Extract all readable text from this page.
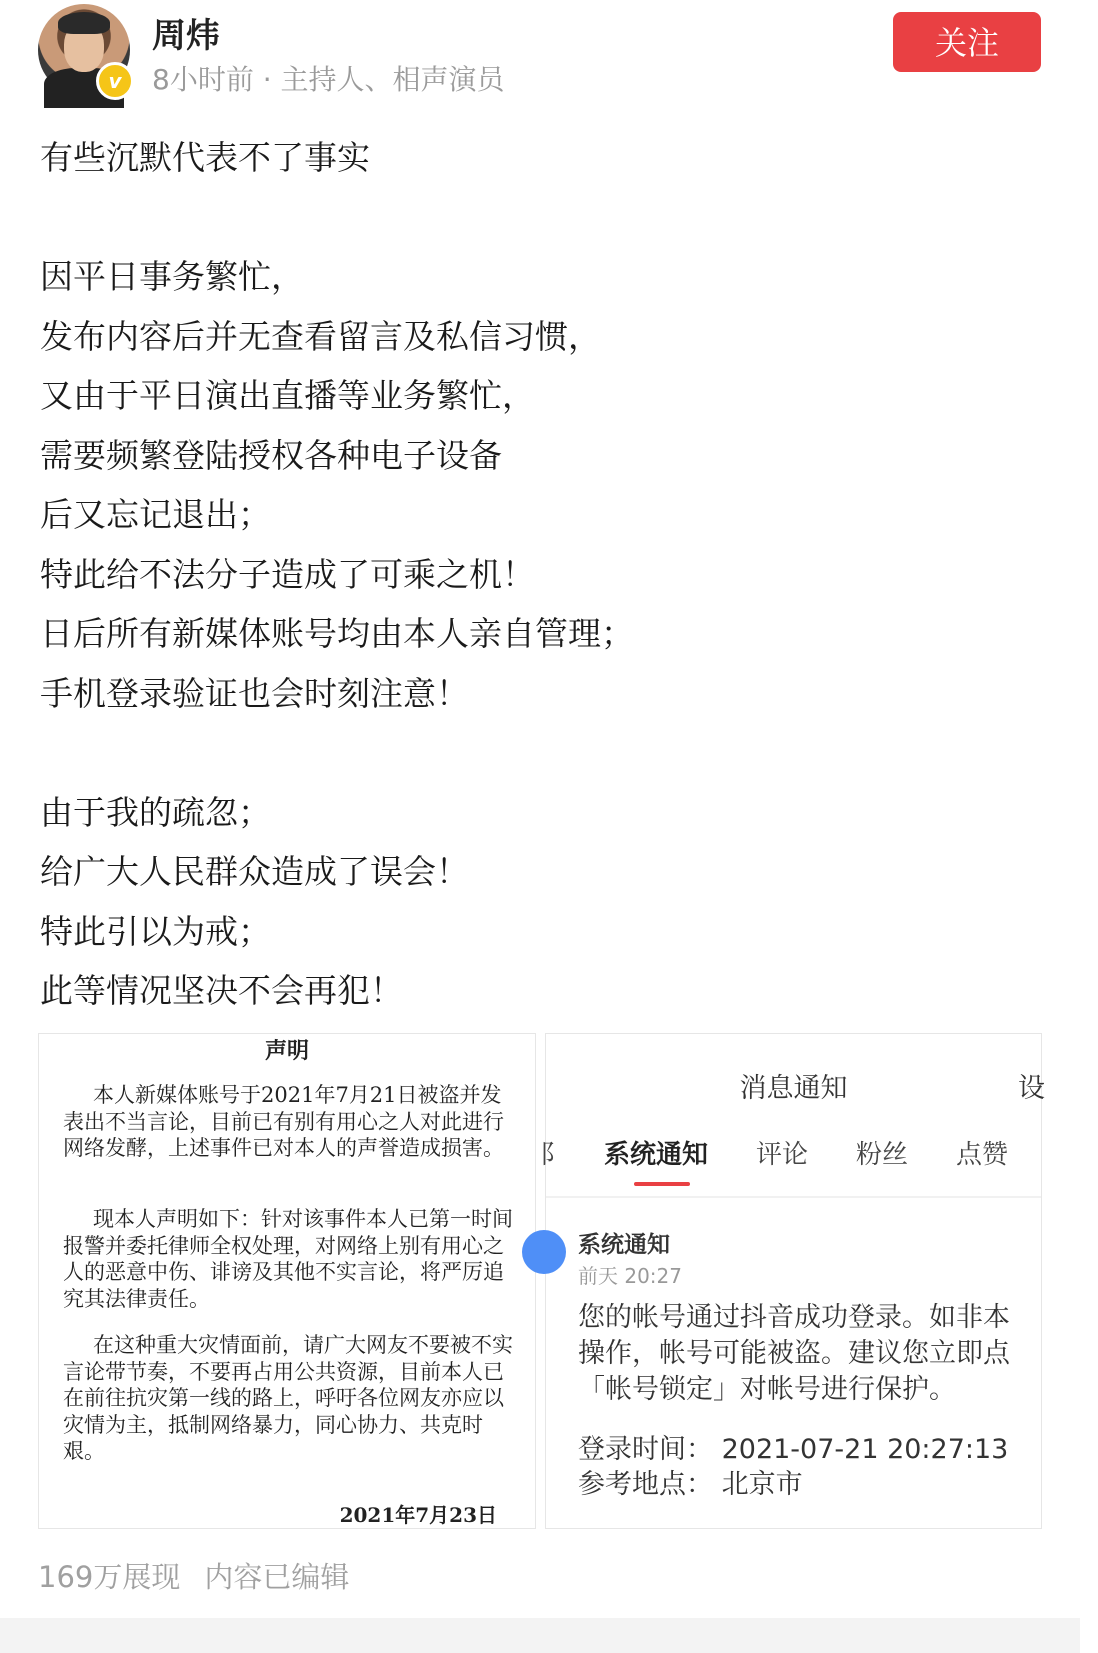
v
周炜
8小时前 · 主持人、相声演员
关注

有些沉默代表不了事实

因平日事务繁忙，

发布内容后并无查看留言及私信习惯，

又由于平日演出直播等业务繁忙，

需要频繁登陆授权各种电子设备

后又忘记退出；

特此给不法分子造成了可乘之机！

日后所有新媒体账号均由本人亲自管理；

手机登录验证也会时刻注意！

由于我的疏忽；

给广大人民群众造成了误会！

特此引以为戒；

此等情况坚决不会再犯！

声明
2021年7月23日
本人新媒体账号于2021年7月21日被盗并发表出不当言论，目前已有别有用心之人对此进行网络发酵，上述事件已对本人的声誉造成损害。
现本人声明如下：针对该事件本人已第一时间报警并委托律师全权处理，对网络上别有用心之人的恶意中伤、诽谤及其他不实言论，将严厉追究其法律责任。
在这种重大灾情面前，请广大网友不要被不实言论带节奏，不要再占用公共资源，目前本人已在前往抗灾第一线的路上，呼吁各位网友亦应以灾情为主，抵制网络暴力，同心协力、共克时艰。
消息通知	设
阝 系统通知 评论 粉丝 点赞
系统通知
前天 20:27
您的帐号通过抖音成功登录。如非本
操作，帐号可能被盗。建议您立即点
「帐号锁定」对帐号进行保护。
登录时间： 2021-07-21 20:27:13
参考地点： 北京市
169万展现 内容已编辑
